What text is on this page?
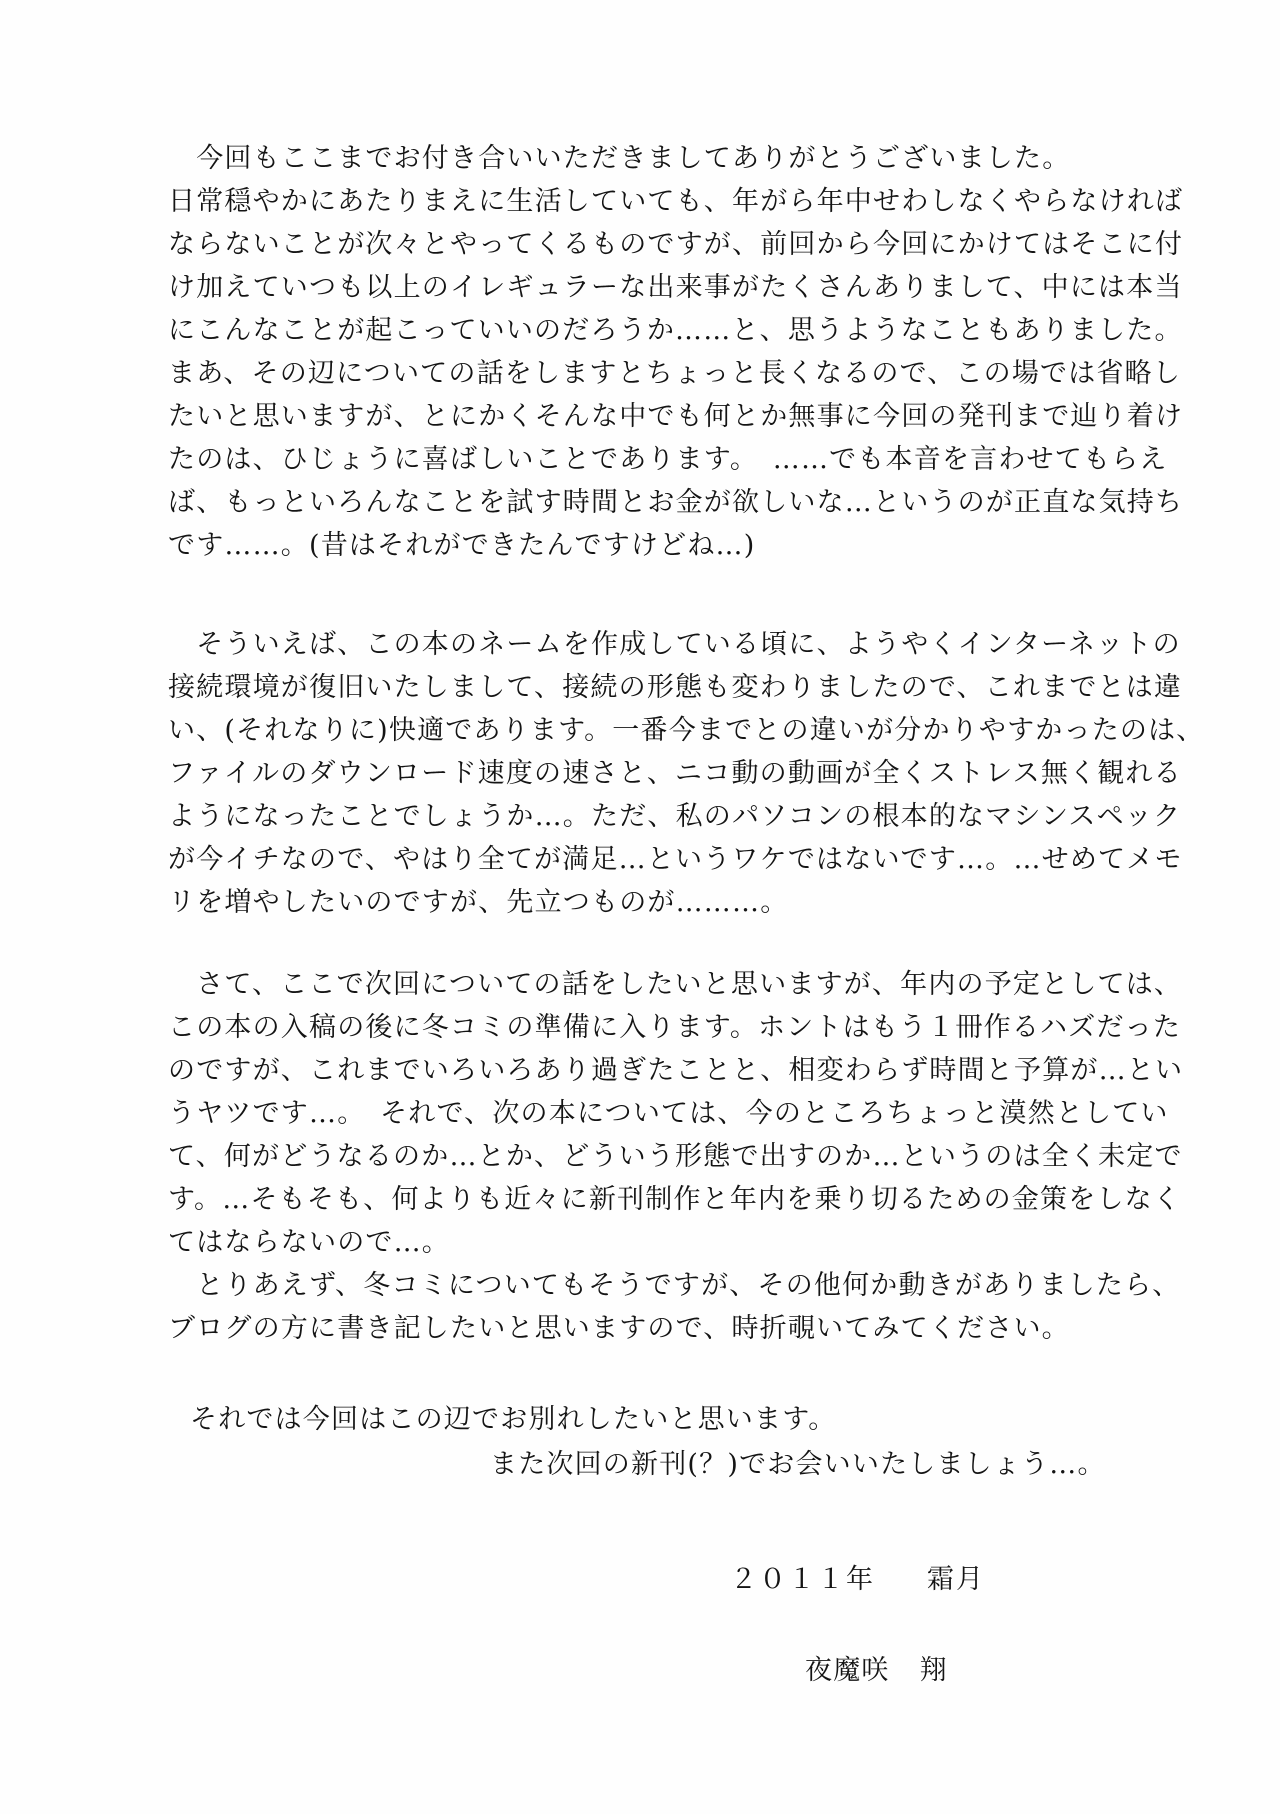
　今回もここまでお付き合いいただきましてありがとうございました。
日常穏やかにあたりまえに生活していても、年がら年中せわしなくやらなければ
ならないことが次々とやってくるものですが、前回から今回にかけてはそこに付
け加えていつも以上のイレギュラーな出来事がたくさんありまして、中には本当
にこんなことが起こっていいのだろうか……と、思うようなこともありました。
まあ、その辺についての話をしますとちょっと長くなるので、この場では省略し
たいと思いますが、とにかくそんな中でも何とか無事に今回の発刊まで辿り着け
たのは、ひじょうに喜ばしいことであります。　……でも本音を言わせてもらえ
ば、もっといろんなことを試す時間とお金が欲しいな…というのが正直な気持ち
です……。(昔はそれができたんですけどね…)
　そういえば、この本のネームを作成している頃に、ようやくインターネットの
接続環境が復旧いたしまして、接続の形態も変わりましたので、これまでとは違
い、(それなりに)快適であります。一番今までとの違いが分かりやすかったのは、
ファイルのダウンロード速度の速さと、ニコ動の動画が全くストレス無く観れる
ようになったことでしょうか…。ただ、私のパソコンの根本的なマシンスペック
が今イチなので、やはり全てが満足…というワケではないです…。…せめてメモ
リを増やしたいのですが、先立つものが………。
　さて、ここで次回についての話をしたいと思いますが、年内の予定としては、
この本の入稿の後に冬コミの準備に入ります。ホントはもう１冊作るハズだった
のですが、これまでいろいろあり過ぎたことと、相変わらず時間と予算が…とい
うヤツです…。　それで、次の本については、今のところちょっと漠然としてい
て、何がどうなるのか…とか、どういう形態で出すのか…というのは全く未定で
す。…そもそも、何よりも近々に新刊制作と年内を乗り切るための金策をしなく
てはならないので…。
　とりあえず、冬コミについてもそうですが、その他何か動きがありましたら、
ブログの方に書き記したいと思いますので、時折覗いてみてください。
それでは今回はこの辺でお別れしたいと思います。
また次回の新刊(？)でお会いいたしましょう…。
２０１１年 霜月
夜魔咲 翔
